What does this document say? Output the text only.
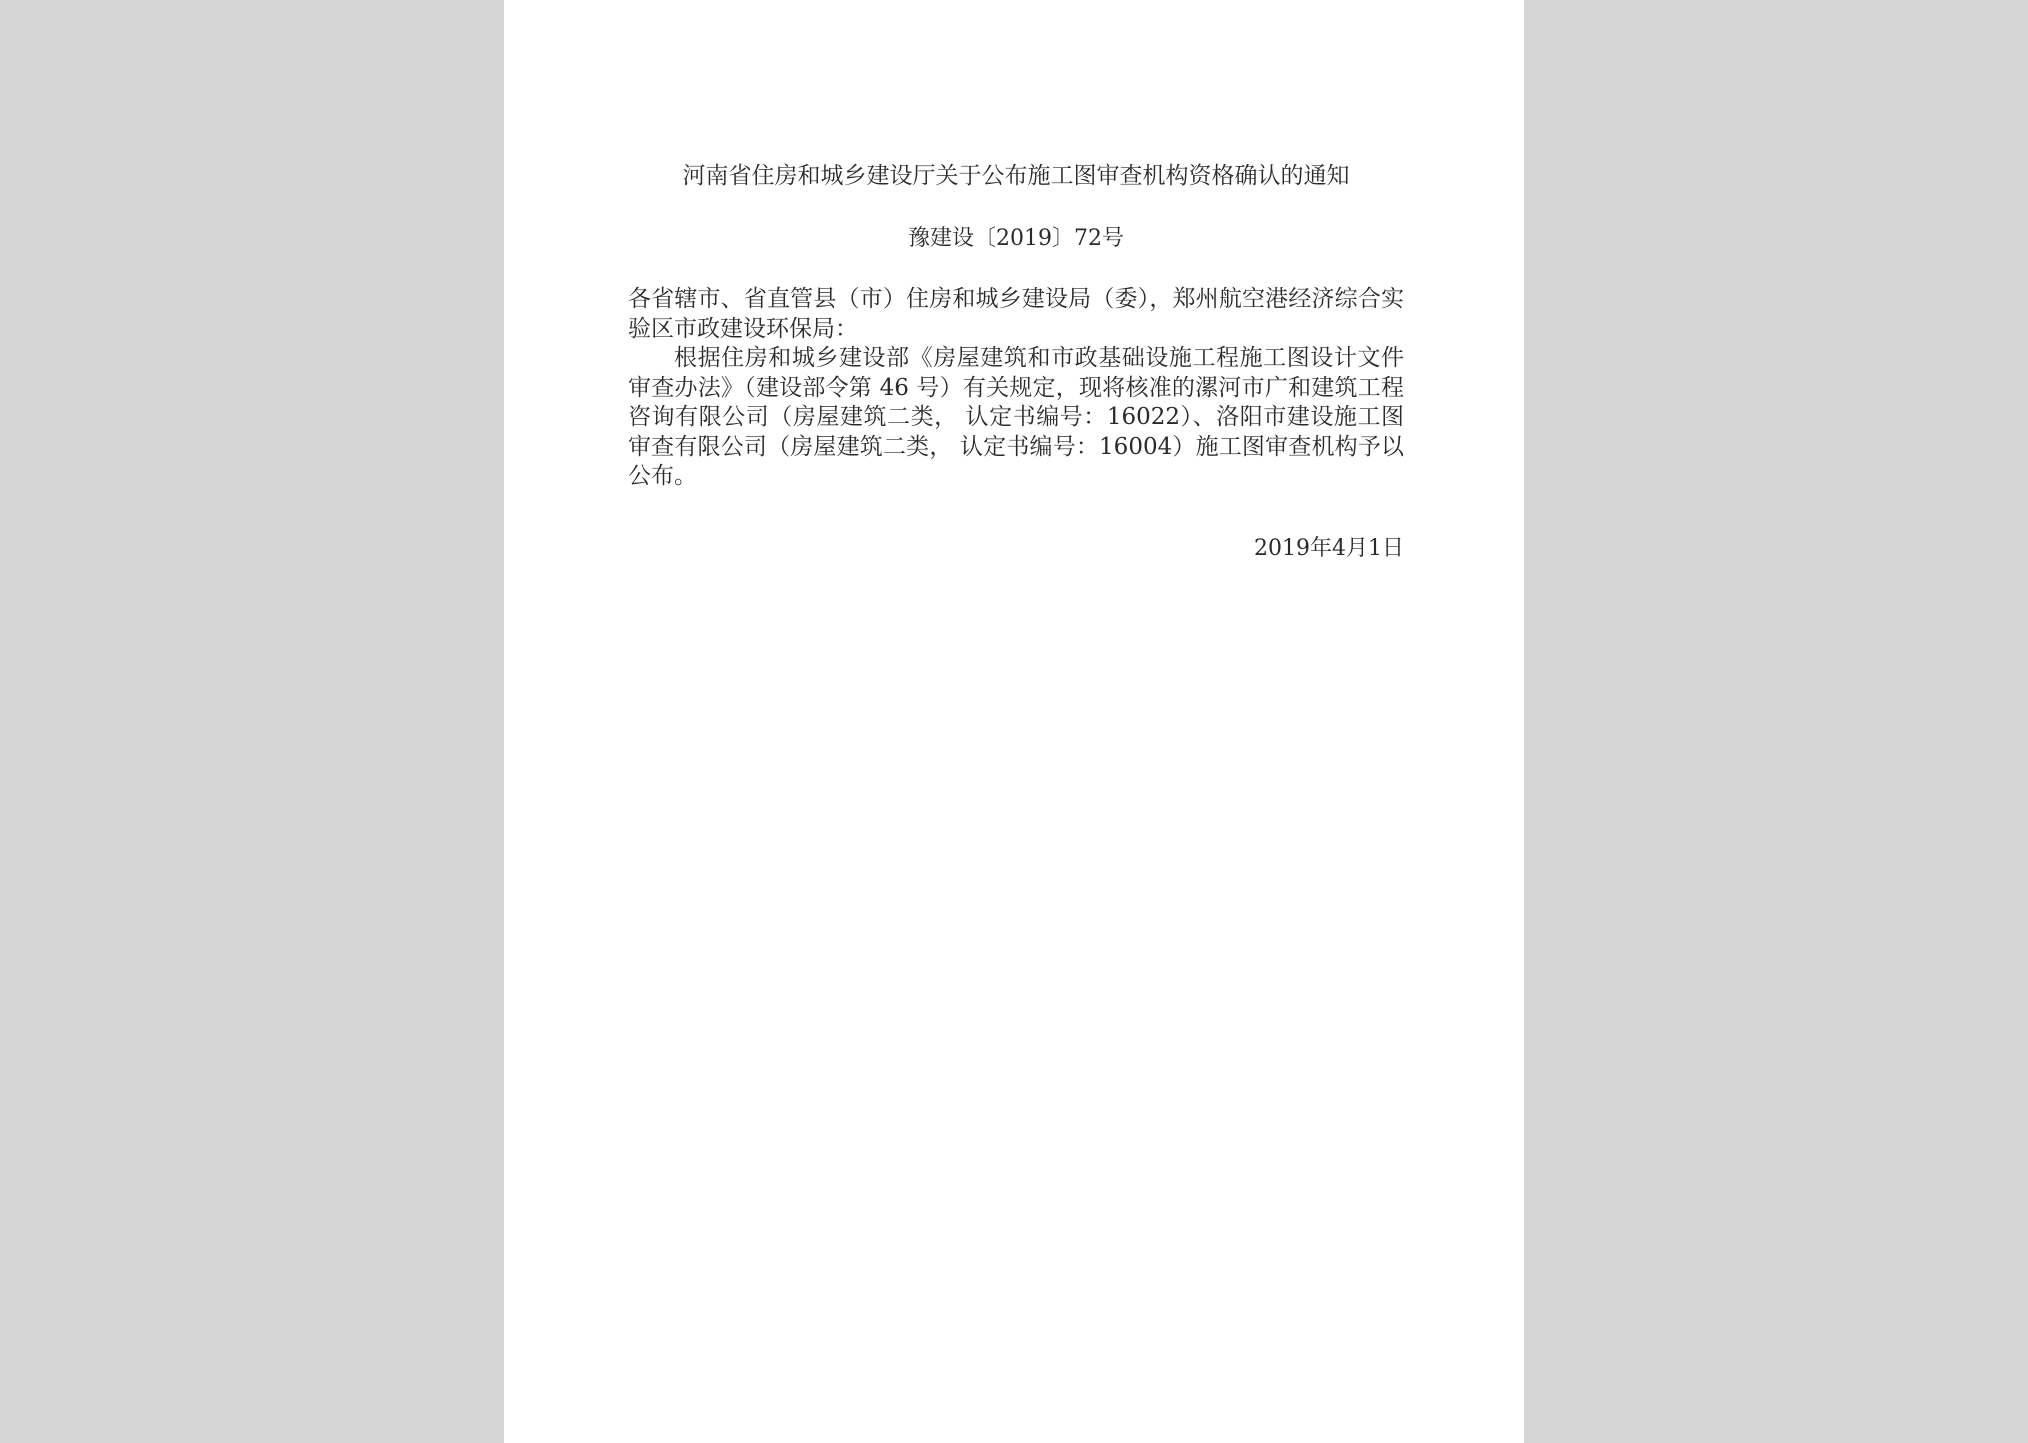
河南省住房和城乡建设厅关于公布施工图审查机构资格确认的通知
豫建设〔2019〕72号

各省辖市、省直管县（市）住房和城乡建设局（委），郑州航空港经济综合实验区市政建设环保局：

根据住房和城乡建设部《房屋建筑和市政基础设施工程施工图设计文件审查办法》（建设部令第 46 号）有关规定，现将核准的漯河市广和建筑工程咨询有限公司（房屋建筑二类， 认定书编号：16022）、洛阳市建设施工图审查有限公司（房屋建筑二类， 认定书编号：16004）施工图审查机构予以公布。

2019年4月1日
